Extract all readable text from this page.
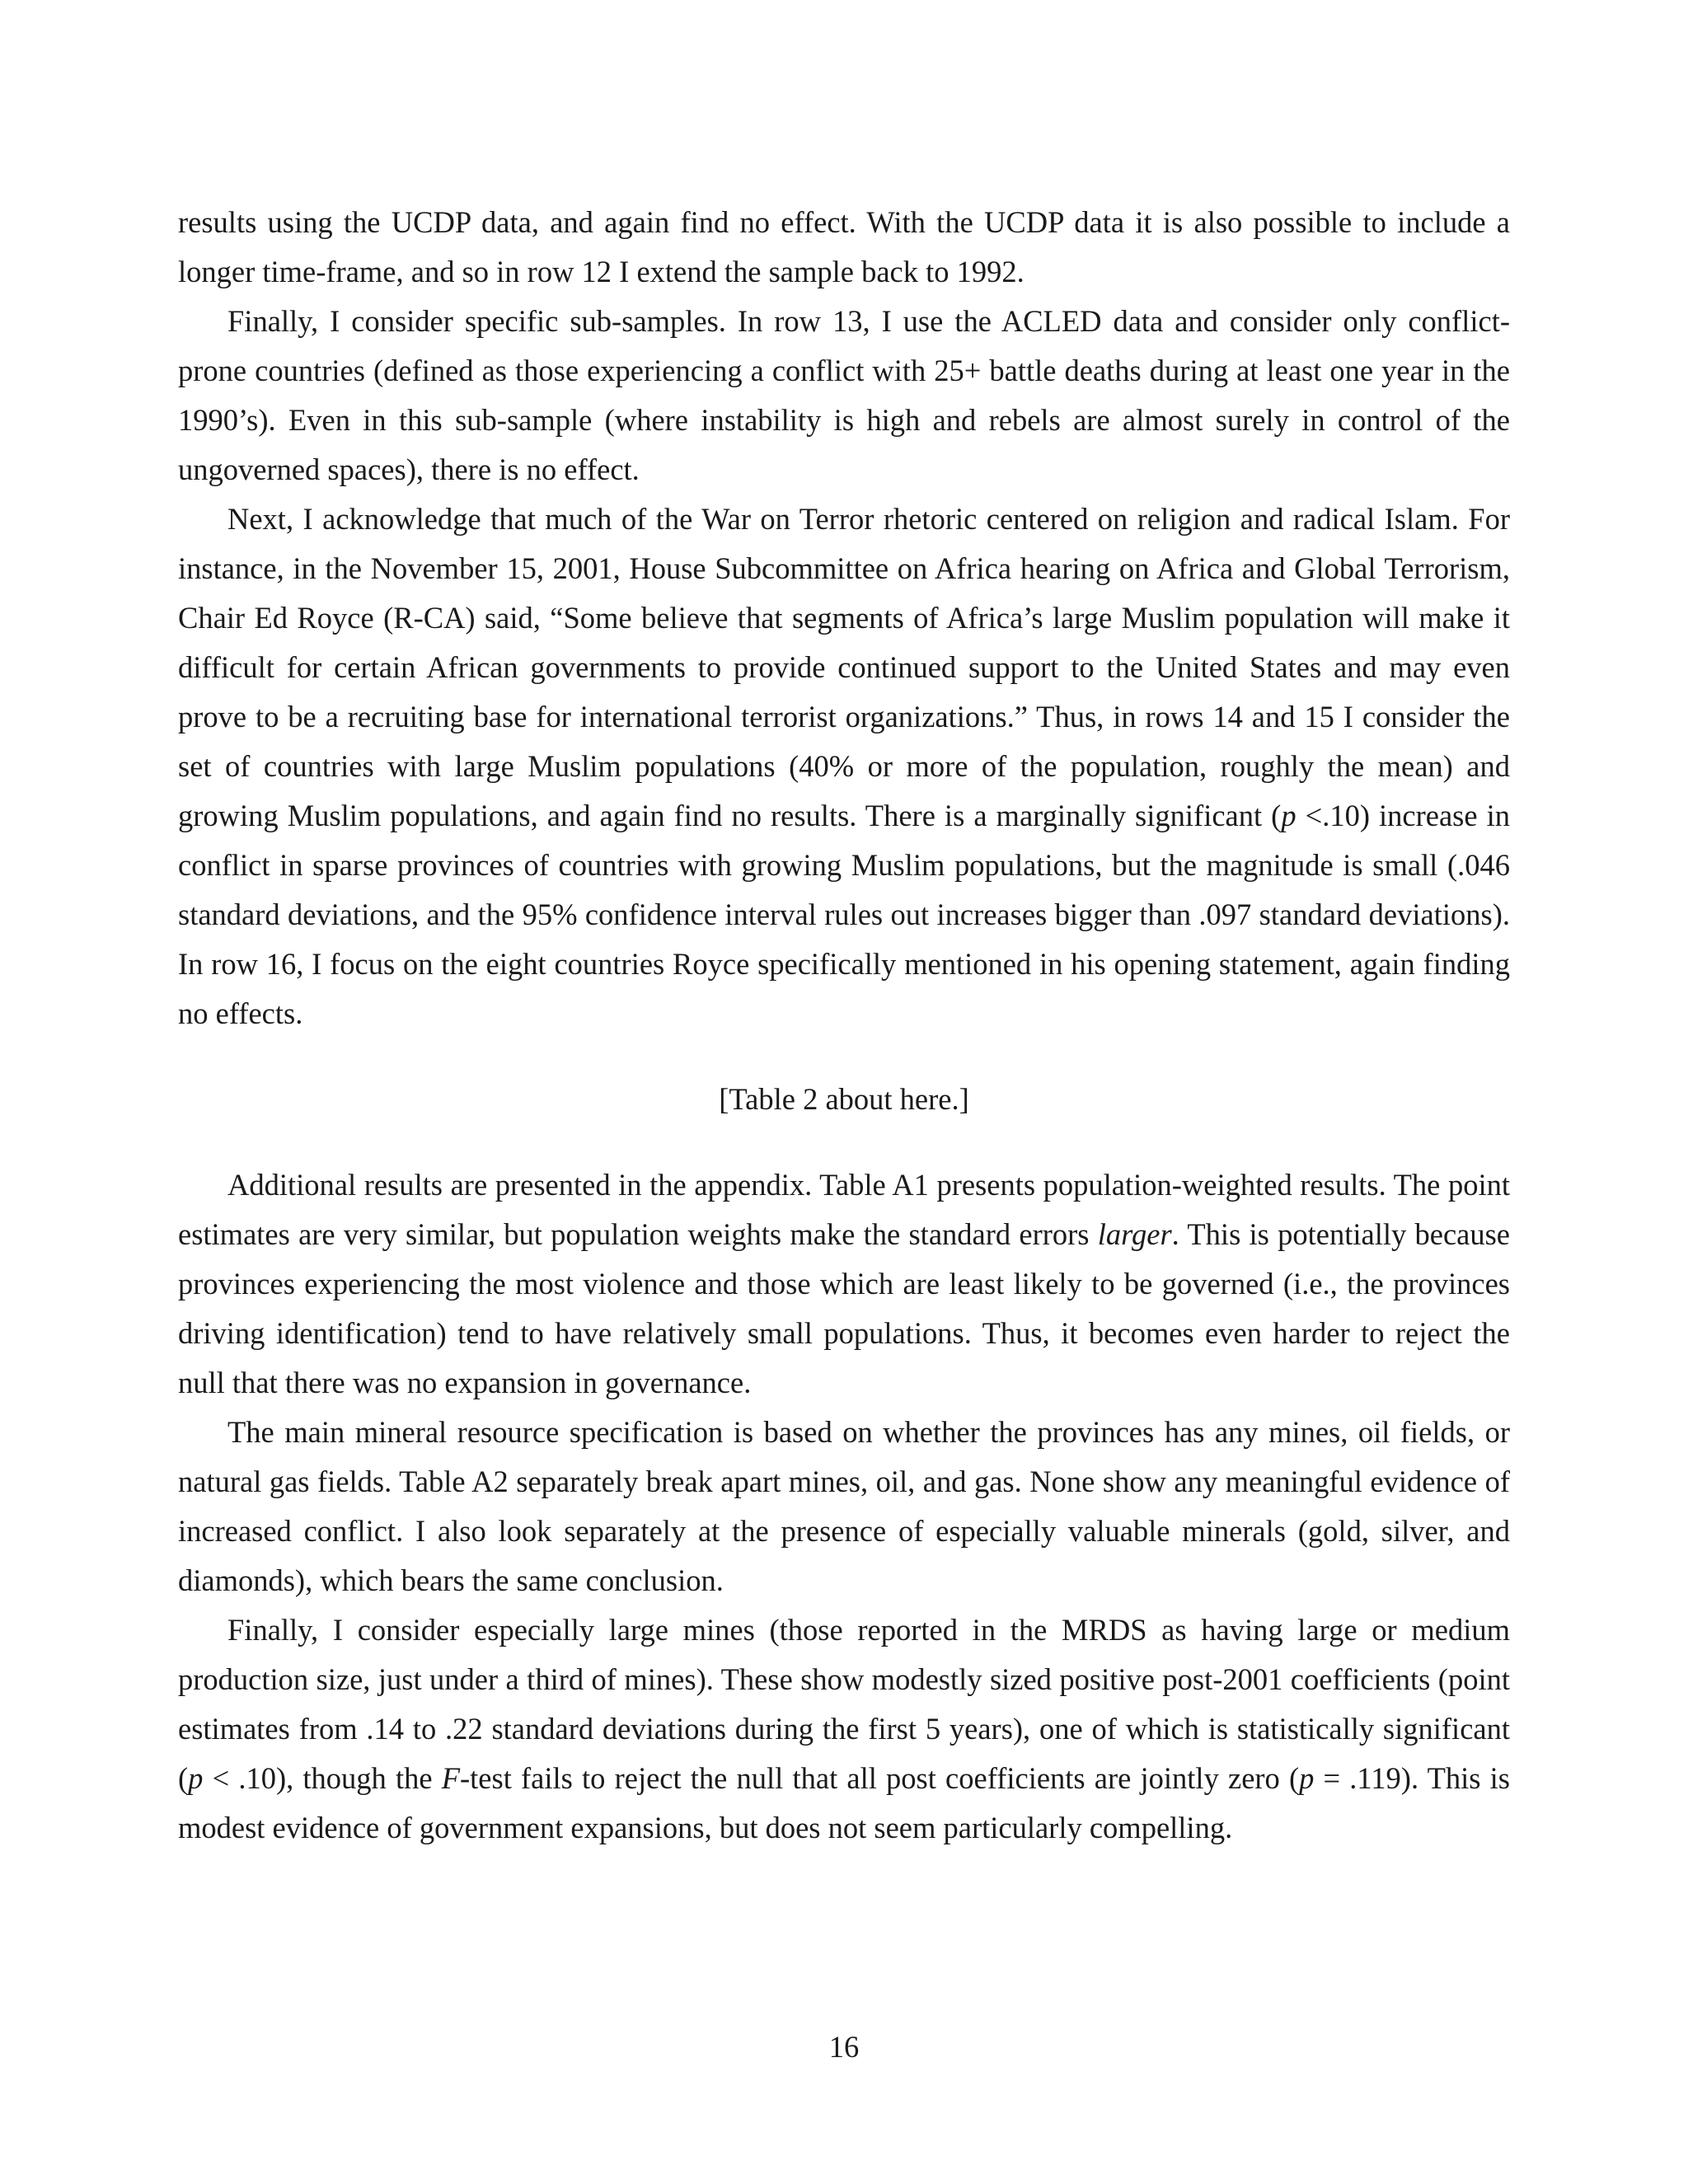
results using the UCDP data, and again find no effect. With the UCDP data it is also possible to include a longer time-frame, and so in row 12 I extend the sample back to 1992.

Finally, I consider specific sub-samples. In row 13, I use the ACLED data and consider only conflict-prone countries (defined as those experiencing a conflict with 25+ battle deaths during at least one year in the 1990’s). Even in this sub-sample (where instability is high and rebels are almost surely in control of the ungoverned spaces), there is no effect.

Next, I acknowledge that much of the War on Terror rhetoric centered on religion and radical Islam. For instance, in the November 15, 2001, House Subcommittee on Africa hearing on Africa and Global Terrorism, Chair Ed Royce (R-CA) said, “Some believe that segments of Africa’s large Muslim population will make it difficult for certain African governments to provide continued support to the United States and may even prove to be a recruiting base for international terrorist organizations.” Thus, in rows 14 and 15 I consider the set of countries with large Muslim populations (40% or more of the population, roughly the mean) and growing Muslim populations, and again find no results. There is a marginally significant (p <.10) increase in conflict in sparse provinces of countries with growing Muslim populations, but the magnitude is small (.046 standard deviations, and the 95% confidence interval rules out increases bigger than .097 standard deviations). In row 16, I focus on the eight countries Royce specifically mentioned in his opening statement, again finding no effects.

[Table 2 about here.]

Additional results are presented in the appendix. Table A1 presents population-weighted results. The point estimates are very similar, but population weights make the standard errors larger. This is potentially because provinces experiencing the most violence and those which are least likely to be governed (i.e., the provinces driving identification) tend to have relatively small populations. Thus, it becomes even harder to reject the null that there was no expansion in governance.

The main mineral resource specification is based on whether the provinces has any mines, oil fields, or natural gas fields. Table A2 separately break apart mines, oil, and gas. None show any meaningful evidence of increased conflict. I also look separately at the presence of especially valuable minerals (gold, silver, and diamonds), which bears the same conclusion.

Finally, I consider especially large mines (those reported in the MRDS as having large or medium production size, just under a third of mines). These show modestly sized positive post-2001 coefficients (point estimates from .14 to .22 standard deviations during the first 5 years), one of which is statistically significant (p < .10), though the F-test fails to reject the null that all post coefficients are jointly zero (p = .119). This is modest evidence of government expansions, but does not seem particularly compelling.

16
